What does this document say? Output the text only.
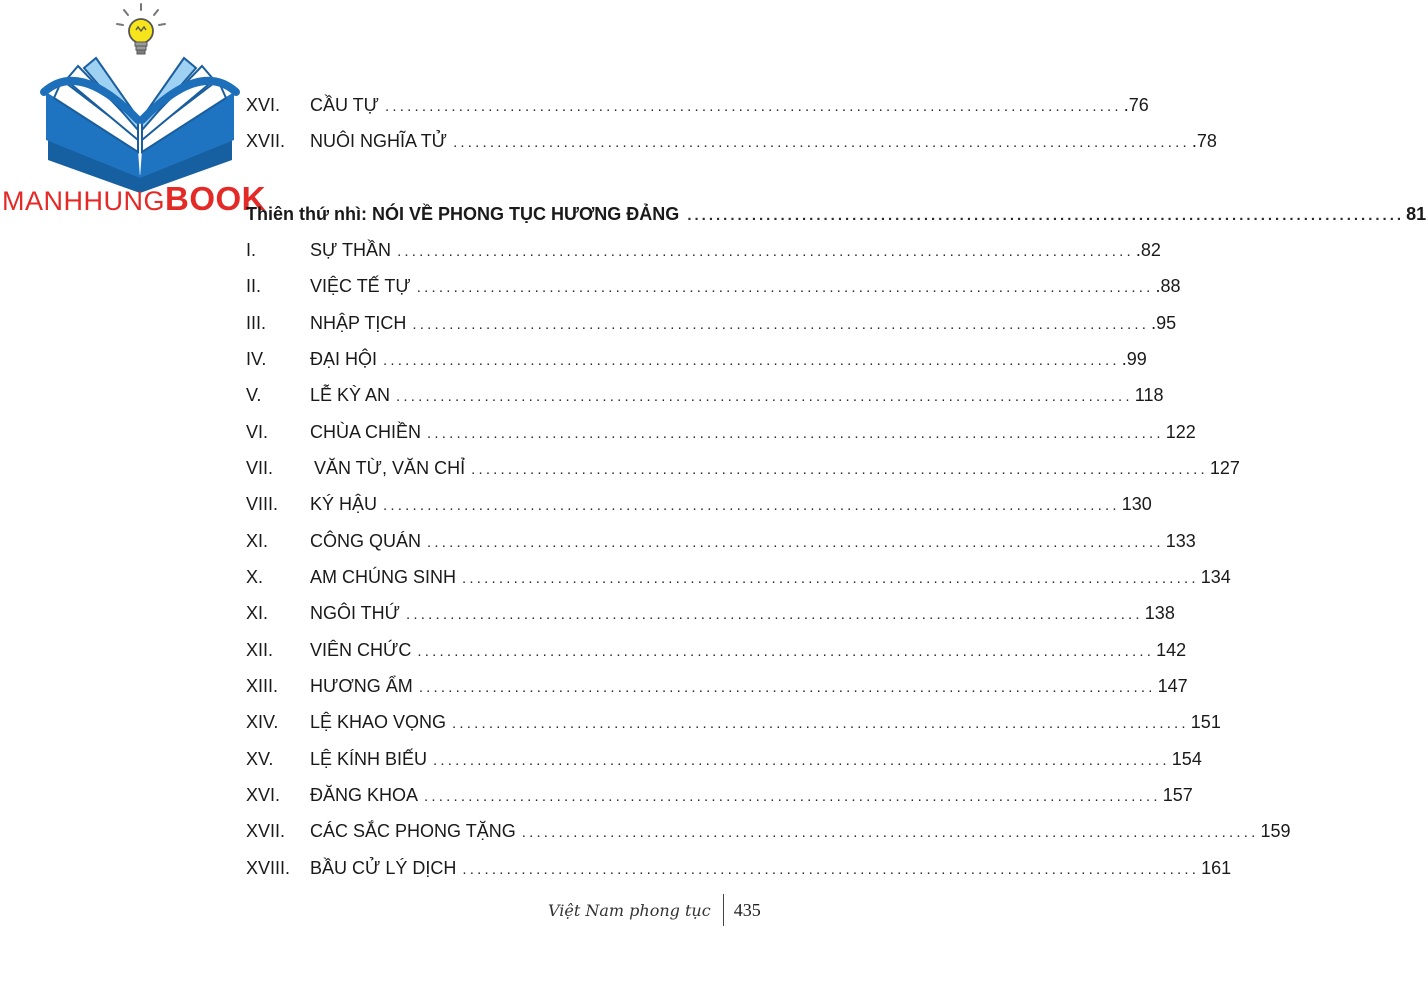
MANHHUNGBOOK
XVI.	CẦU TỰ .................................................................................................... .76
XVII.	NUÔI NGHĨA TỬ .................................................................................................... .78
Thiên thứ nhì: NÓI VỀ PHONG TỤC HƯƠNG ĐẢNG .................................................................................................... 81
I.	SỰ THẦN .................................................................................................... .82
II.	VIỆC TẾ TỰ .................................................................................................... .88
III.	NHẬP TỊCH .................................................................................................... .95
IV.	ĐẠI HỘI .................................................................................................... .99
V.	LỄ KỲ AN .................................................................................................... 118
VI.	CHÙA CHIỀN .................................................................................................... 122
VII.	VĂN TỪ, VĂN CHỈ .................................................................................................... 127
VIII.	KÝ HẬU .................................................................................................... 130
XI.	CÔNG QUÁN .................................................................................................... 133
X.	AM CHÚNG SINH .................................................................................................... 134
XI.	NGÔI THỨ .................................................................................................... 138
XII.	VIÊN CHỨC .................................................................................................... 142
XIII.	HƯƠNG ẨM .................................................................................................... 147
XIV.	LỆ KHAO VỌNG .................................................................................................... 151
XV.	LỆ KÍNH BIẾU .................................................................................................... 154
XVI.	ĐĂNG KHOA .................................................................................................... 157
XVII.	CÁC SẮC PHONG TẶNG .................................................................................................... 159
XVIII.	BẦU CỬ LÝ DỊCH .................................................................................................... 161
Việt Nam phong tục	435
